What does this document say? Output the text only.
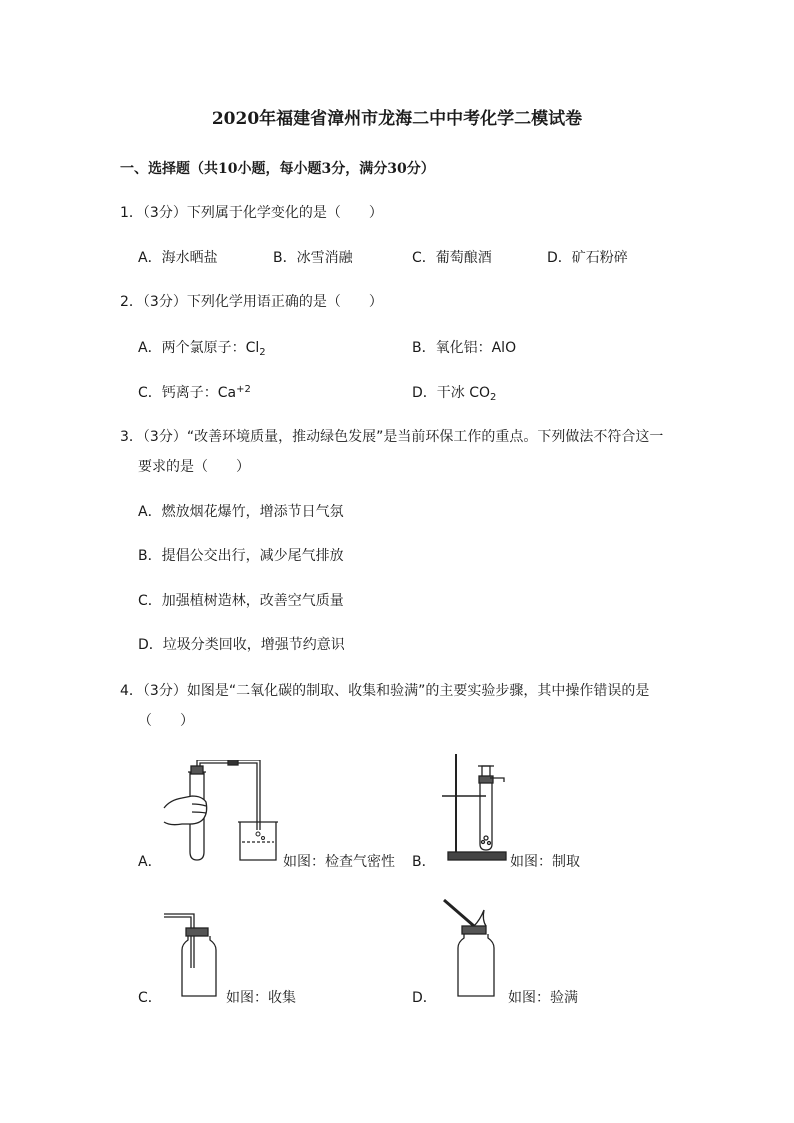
2020年福建省漳州市龙海二中中考化学二模试卷
一、选择题（共10小题，每小题3分，满分30分）
1．（3分）下列属于化学变化的是（　　）
A．海水晒盐	B．冰雪消融	C．葡萄酿酒	D．矿石粉碎
2．（3分）下列化学用语正确的是（　　）
A．两个氯原子：$Cl_2$	B．氧化铝：AlO
C．钙离子：$Ca^{+2}$	D．干冰 $CO_2$
3．（3分）“改善环境质量，推动绿色发展”是当前环保工作的重点。下列做法不符合这一
要求的是（　　）
A．燃放烟花爆竹，增添节日气氛
B．提倡公交出行，减少尾气排放
C．加强植树造林，改善空气质量
D．垃圾分类回收，增强节约意识
4．（3分）如图是“二氧化碳的制取、收集和验满”的主要实验步骤，其中操作错误的是
（　　）
A．	如图：检查气密性 B．	如图：制取
C．	如图：收集	D．	如图：验满
